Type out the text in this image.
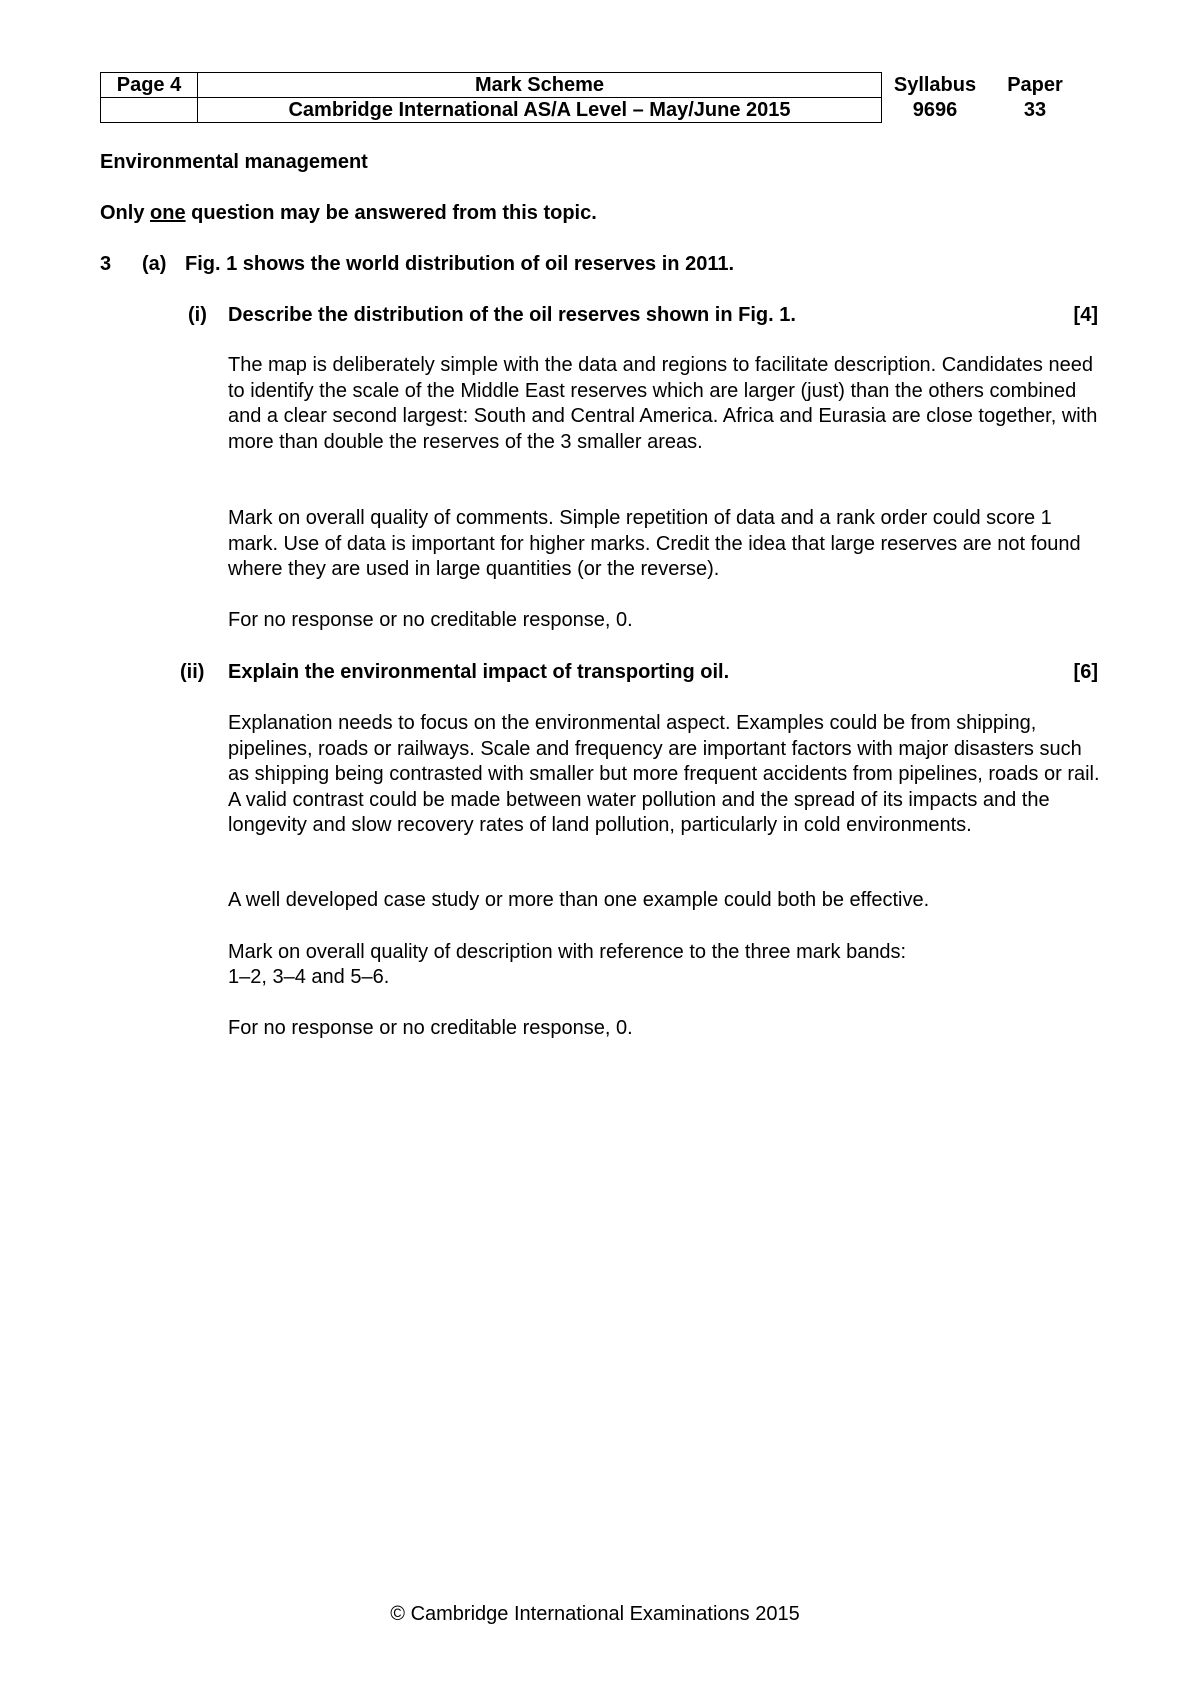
Page 4	Mark Scheme
Cambridge International AS/A Level – May/June 2015
Syllabus
9696
Paper
33
Environmental management
Only one question may be answered from this topic.
3 (a) Fig. 1 shows the world distribution of oil reserves in 2011.
(i) Describe the distribution of the oil reserves shown in Fig. 1.	[4]
The map is deliberately simple with the data and regions to facilitate description. Candidates need to identify the scale of the Middle East reserves which are larger (just) than the others combined and a clear second largest: South and Central America. Africa and Eurasia are close together, with more than double the reserves of the 3 smaller areas.
Mark on overall quality of comments. Simple repetition of data and a rank order could score 1 mark. Use of data is important for higher marks. Credit the idea that large reserves are not found where they are used in large quantities (or the reverse).
For no response or no creditable response, 0.
(ii) Explain the environmental impact of transporting oil.	[6]
Explanation needs to focus on the environmental aspect. Examples could be from shipping, pipelines, roads or railways. Scale and frequency are important factors with major disasters such as shipping being contrasted with smaller but more frequent accidents from pipelines, roads or rail. A valid contrast could be made between water pollution and the spread of its impacts and the longevity and slow recovery rates of land pollution, particularly in cold environments.
A well developed case study or more than one example could both be effective.
Mark on overall quality of description with reference to the three mark bands:
1–2, 3–4 and 5–6.
For no response or no creditable response, 0.
© Cambridge International Examinations 2015
